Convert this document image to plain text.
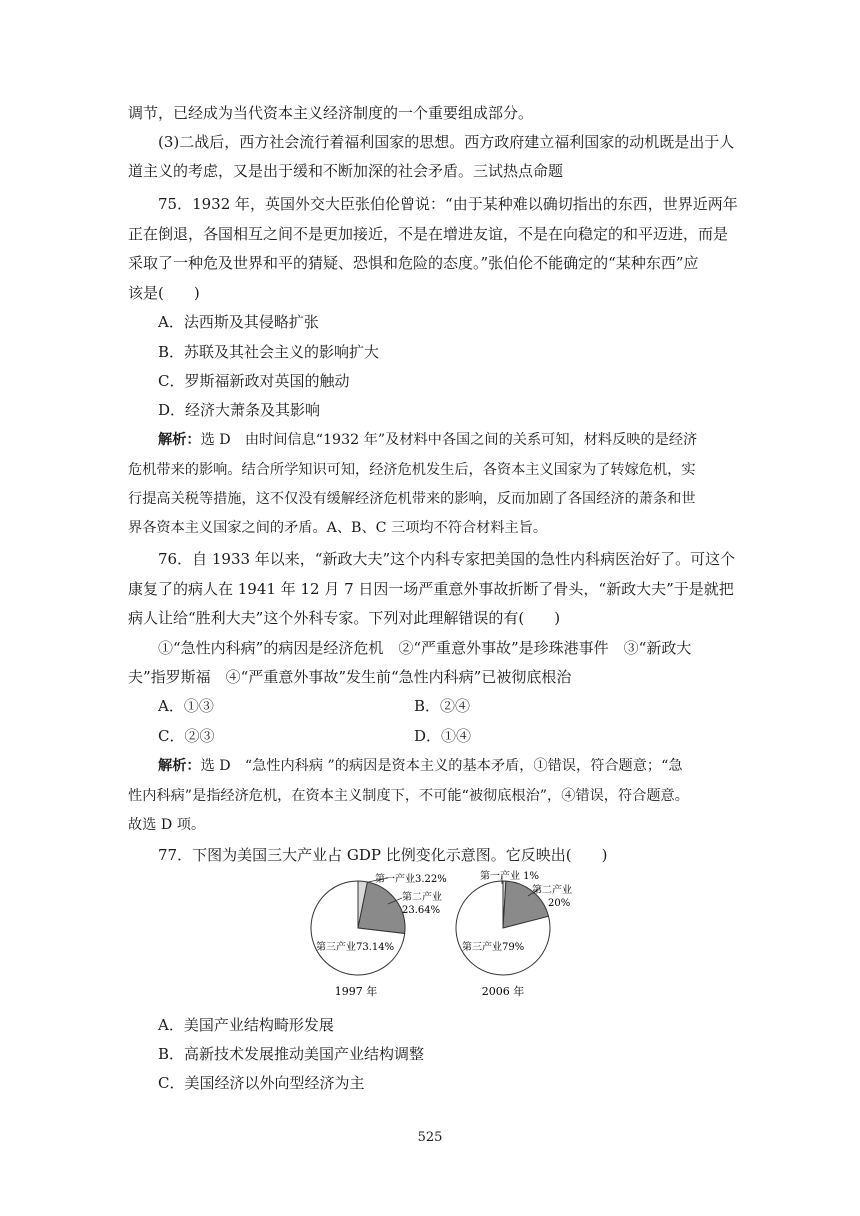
调节，已经成为当代资本主义经济制度的一个重要组成部分。
(3)二战后，西方社会流行着福利国家的思想。西方政府建立福利国家的动机既是出于人
道主义的考虑，又是出于缓和不断加深的社会矛盾。三试热点命题
75．1932 年，英国外交大臣张伯伦曾说：“由于某种难以确切指出的东西，世界近两年
正在倒退，各国相互之间不是更加接近，不是在增进友谊，不是在向稳定的和平迈进，而是
采取了一种危及世界和平的猜疑、恐惧和危险的态度。”张伯伦不能确定的“某种东西”应
该是(　　)
A．法西斯及其侵略扩张
B．苏联及其社会主义的影响扩大
C．罗斯福新政对英国的触动
D．经济大萧条及其影响
解析：选 D　由时间信息“1932 年”及材料中各国之间的关系可知，材料反映的是经济
危机带来的影响。结合所学知识可知，经济危机发生后，各资本主义国家为了转嫁危机，实
行提高关税等措施，这不仅没有缓解经济危机带来的影响，反而加剧了各国经济的萧条和世
界各资本主义国家之间的矛盾。A、B、C 三项均不符合材料主旨。
76．自 1933 年以来，“新政大夫”这个内科专家把美国的急性内科病医治好了。可这个
康复了的病人在 1941 年 12 月 7 日因一场严重意外事故折断了骨头，“新政大夫”于是就把
病人让给“胜利大夫”这个外科专家。下列对此理解错误的有(　　)
①“急性内科病”的病因是经济危机　②“严重意外事故”是珍珠港事件　③“新政大
夫”指罗斯福　④“严重意外事故”发生前“急性内科病”已被彻底根治
A．①③	B．②④
C．②③	D．①④
解析：选 D　“急性内科病 ”的病因是资本主义的基本矛盾，①错误，符合题意；“急
性内科病”是指经济危机，在资本主义制度下，不可能“被彻底根治”，④错误，符合题意。
故选 D 项。
77．下图为美国三大产业占 GDP 比例变化示意图。它反映出(　　)
第一产业3.22%
第二产业
23.64%
第三产业73.14%
1997 年
第一产业 1%
第二产业
20%
第三产业79%
2006 年
A．美国产业结构畸形发展
B．高新技术发展推动美国产业结构调整
C．美国经济以外向型经济为主
525
